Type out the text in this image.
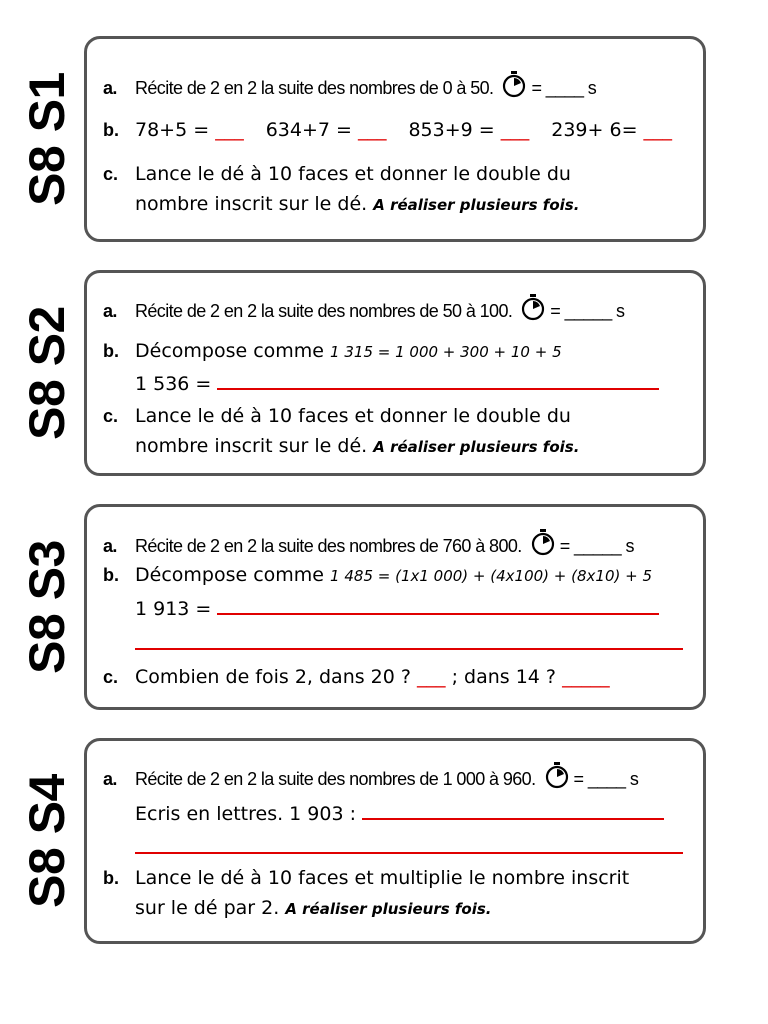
S8 S1 a. Récite de 2 en 2 la suite des nombres de 0 à 50. = ____ s
b. 78+5 = ___ 634+7 = ___ 853+9 = ___ 239+ 6= ___
c. Lance le dé à 10 faces et donner le double du
nombre inscrit sur le dé. A réaliser plusieurs fois.
S8 S2 a. Récite de 2 en 2 la suite des nombres de 50 à 100. = _____ s
b. Décompose comme 1 315 = 1 000 + 300 + 10 + 5
1 536 =
c. Lance le dé à 10 faces et donner le double du
nombre inscrit sur le dé. A réaliser plusieurs fois.
S8 S3 a. Récite de 2 en 2 la suite des nombres de 760 à 800. = _____ s
b. Décompose comme 1 485 = (1x1 000) + (4x100) + (8x10) + 5
1 913 =
c. Combien de fois 2, dans 20 ? ___ ; dans 14 ? _____
S8 S4 a. Récite de 2 en 2 la suite des nombres de 1 000 à 960. = ____ s
Ecris en lettres. 1 903 :
b. Lance le dé à 10 faces et multiplie le nombre inscrit
sur le dé par 2. A réaliser plusieurs fois.
